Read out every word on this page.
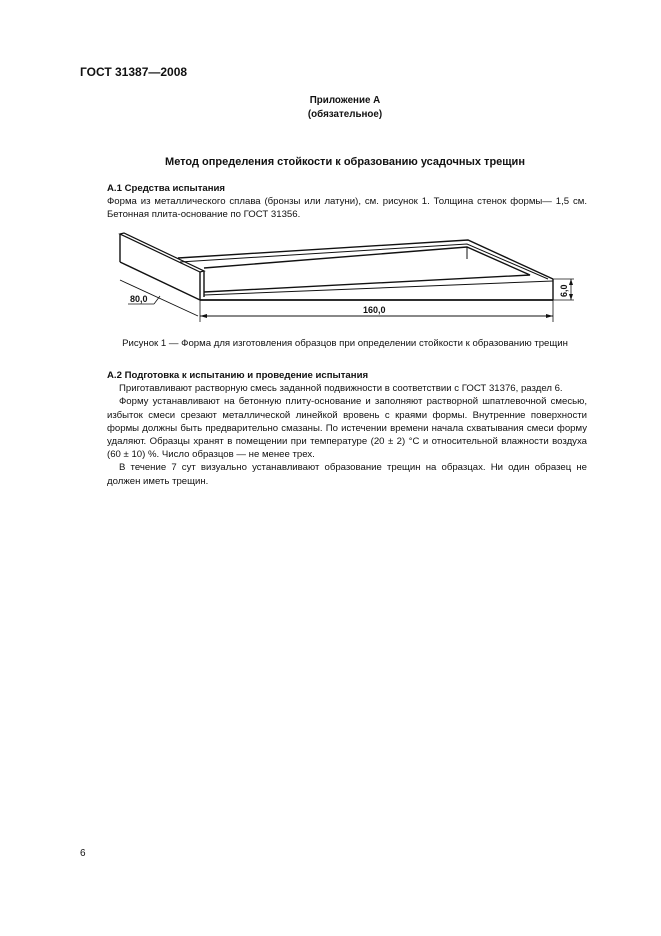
ГОСТ 31387—2008
Приложение А
(обязательное)
Метод определения стойкости к образованию усадочных трещин
А.1 Средства испытания
Форма из металлического сплава (бронзы или латуни), см. рисунок 1. Толщина стенок формы— 1,5 см. Бетонная плита-основание по ГОСТ 31356.
160,0
80,0
6,0
Рисунок 1 — Форма для изготовления образцов при определении стойкости к образованию трещин
А.2 Подготовка к испытанию и проведение испытания
Приготавливают растворную смесь заданной подвижности в соответствии с ГОСТ 31376, раздел 6.
Форму устанавливают на бетонную плиту-основание и заполняют растворной шпатлевочной смесью, избыток смеси срезают металлической линейкой вровень с краями формы. Внутренние поверхности формы должны быть предварительно смазаны. По истечении времени начала схватывания смеси форму удаляют. Образцы хранят в помещении при температуре (20 ± 2) °С и относительной влажности воздуха (60 ± 10) %. Число образцов — не менее трех.
В течение 7 сут визуально устанавливают образование трещин на образцах. Ни один образец не должен иметь трещин.
6
